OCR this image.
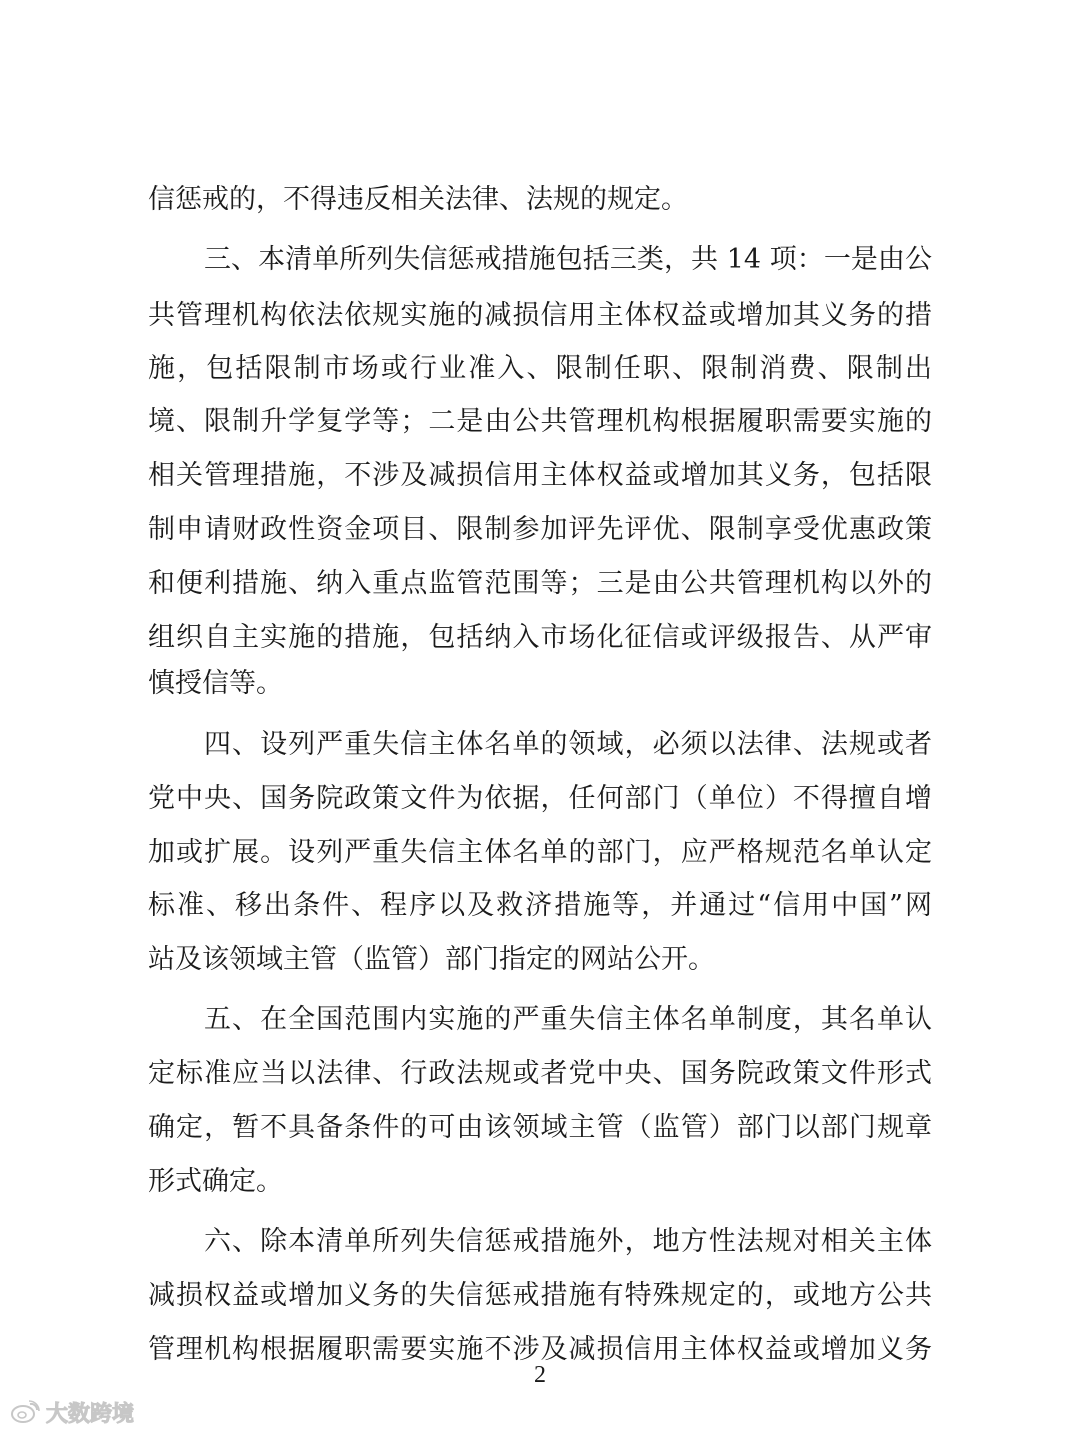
信惩戒的，不得违反相关法律、法规的规定。
三、本清单所列失信惩戒措施包括三类，共 14 项：一是由公
共管理机构依法依规实施的减损信用主体权益或增加其义务的措
施，包括限制市场或行业准入、限制任职、限制消费、限制出
境、限制升学复学等；二是由公共管理机构根据履职需要实施的
相关管理措施，不涉及减损信用主体权益或增加其义务，包括限
制申请财政性资金项目、限制参加评先评优、限制享受优惠政策
和便利措施、纳入重点监管范围等；三是由公共管理机构以外的
组织自主实施的措施，包括纳入市场化征信或评级报告、从严审
慎授信等。
四、设列严重失信主体名单的领域，必须以法律、法规或者
党中央、国务院政策文件为依据，任何部门（单位）不得擅自增
加或扩展。设列严重失信主体名单的部门，应严格规范名单认定
标准、移出条件、程序以及救济措施等，并通过“信用中国”网
站及该领域主管（监管）部门指定的网站公开。
五、在全国范围内实施的严重失信主体名单制度，其名单认
定标准应当以法律、行政法规或者党中央、国务院政策文件形式
确定，暂不具备条件的可由该领域主管（监管）部门以部门规章
形式确定。
六、除本清单所列失信惩戒措施外，地方性法规对相关主体
减损权益或增加义务的失信惩戒措施有特殊规定的，或地方公共
管理机构根据履职需要实施不涉及减损信用主体权益或增加义务
2
大数跨境
